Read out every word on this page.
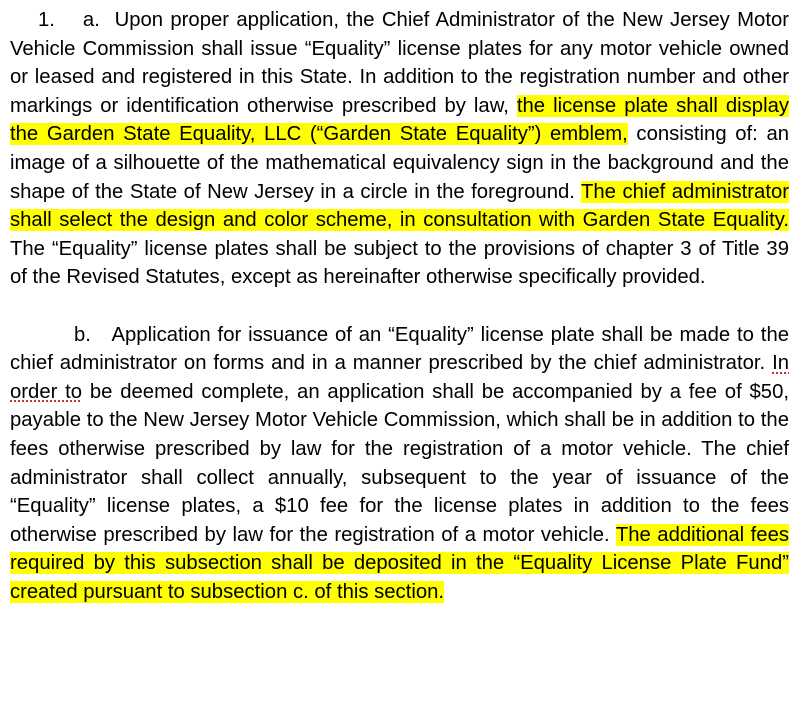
1. a. Upon proper application, the Chief Administrator of the New Jersey Motor Vehicle Commission shall issue “Equality” license plates for any motor vehicle owned or leased and registered in this State. In addition to the registration number and other markings or identification otherwise prescribed by law, the license plate shall display the Garden State Equality, LLC (“Garden State Equality”) emblem, consisting of: an image of a silhouette of the mathematical equivalency sign in the background and the shape of the State of New Jersey in a circle in the foreground. The chief administrator shall select the design and color scheme, in consultation with Garden State Equality. The “Equality” license plates shall be subject to the provisions of chapter 3 of Title 39 of the Revised Statutes, except as hereinafter otherwise specifically provided.

b. Application for issuance of an “Equality” license plate shall be made to the chief administrator on forms and in a manner prescribed by the chief administrator. In order to be deemed complete, an application shall be accompanied by a fee of $50, payable to the New Jersey Motor Vehicle Commission, which shall be in addition to the fees otherwise prescribed by law for the registration of a motor vehicle. The chief administrator shall collect annually, subsequent to the year of issuance of the “Equality” license plates, a $10 fee for the license plates in addition to the fees otherwise prescribed by law for the registration of a motor vehicle. The additional fees required by this subsection shall be deposited in the “Equality License Plate Fund” created pursuant to subsection c. of this section.
